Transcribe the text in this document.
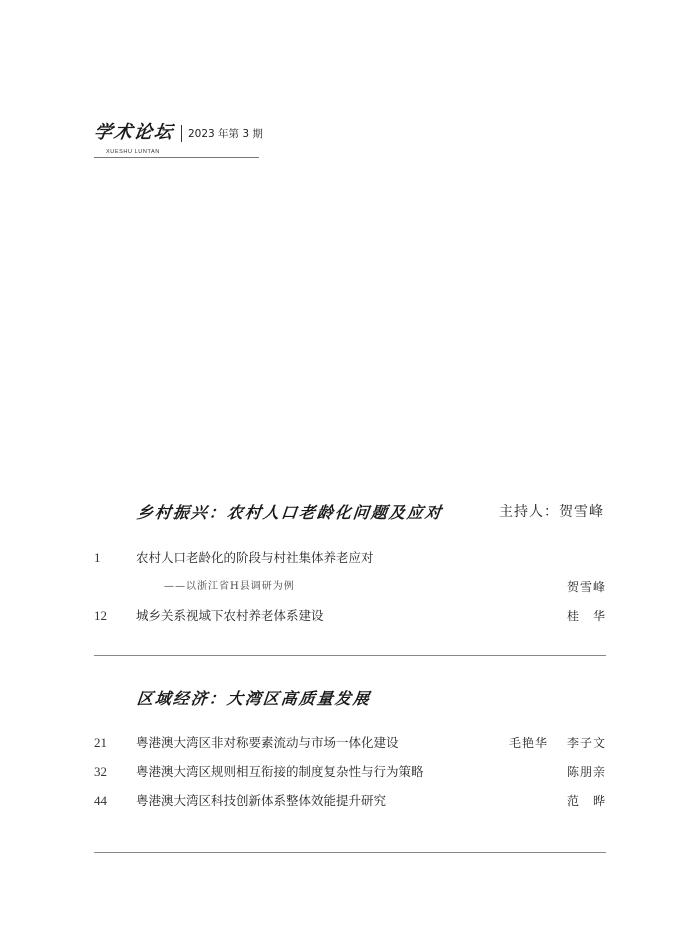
学术论坛 2023 年第 3 期
XUESHU LUNTAN
乡村振兴：农村人口老龄化问题及应对	主持人：贺雪峰
1	农村人口老龄化的阶段与村社集体养老应对
——以浙江省H县调研为例	贺雪峰
12 城乡关系视域下农村养老体系建设	桂　华
区域经济：大湾区高质量发展
21 粤港澳大湾区非对称要素流动与市场一体化建设	毛艳华 李子文
32 粤港澳大湾区规则相互衔接的制度复杂性与行为策略	陈朋亲
44 粤港澳大湾区科技创新体系整体效能提升研究	范　晔
